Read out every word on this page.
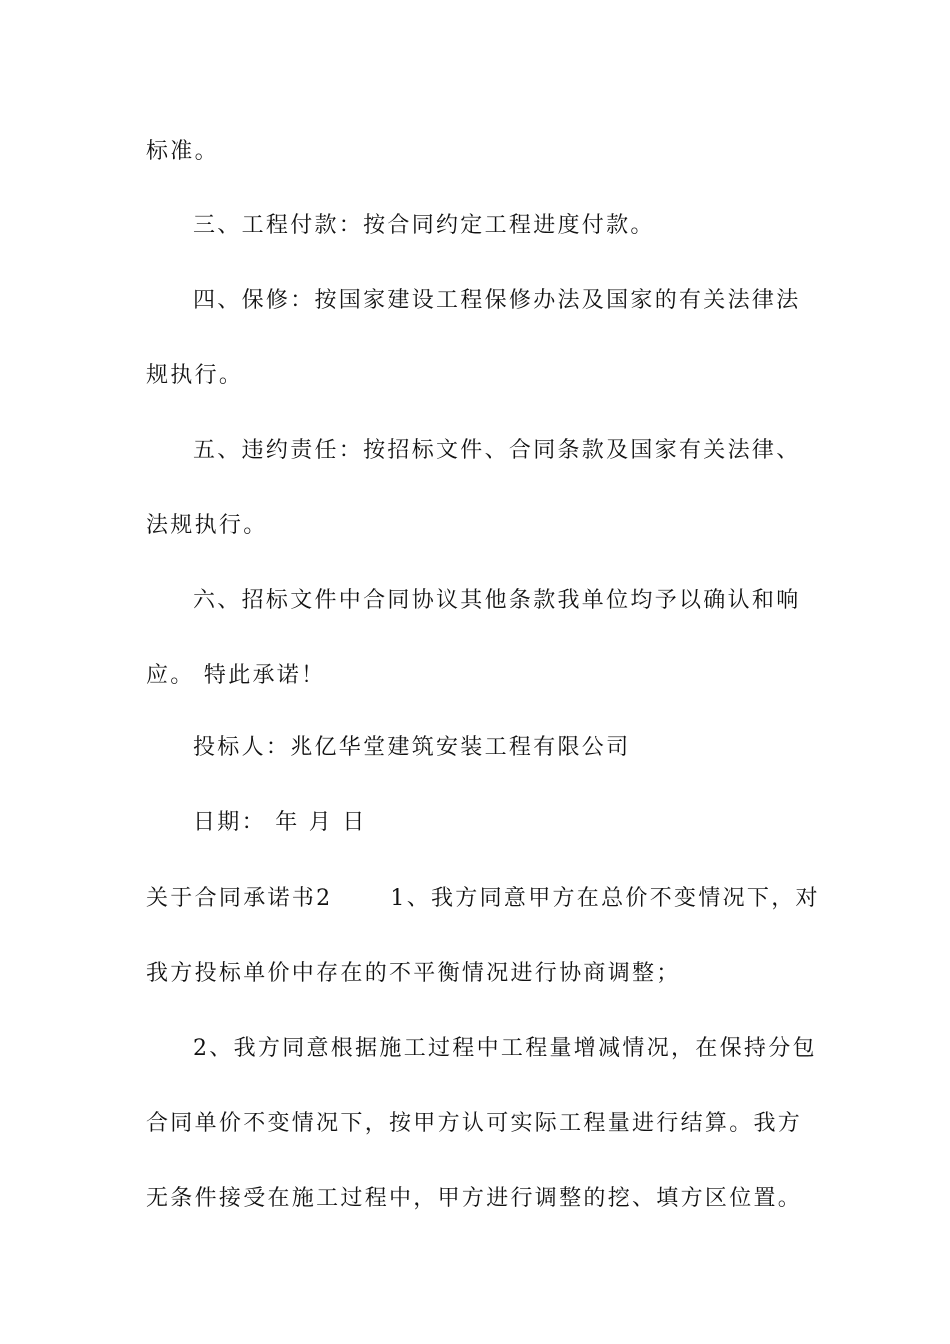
标准。
三、工程付款：按合同约定工程进度付款。
四、保修：按国家建设工程保修办法及国家的有关法律法
规执行。
五、违约责任：按招标文件、合同条款及国家有关法律、
法规执行。
六、招标文件中合同协议其他条款我单位均予以确认和响
应。 特此承诺！
投标人：兆亿华堂建筑安装工程有限公司
日期： 年 月 日
关于合同承诺书2	1、我方同意甲方在总价不变情况下，对
我方投标单价中存在的不平衡情况进行协商调整；
2、我方同意根据施工过程中工程量增减情况，在保持分包
合同单价不变情况下，按甲方认可实际工程量进行结算。我方
无条件接受在施工过程中，甲方进行调整的挖、填方区位置。
